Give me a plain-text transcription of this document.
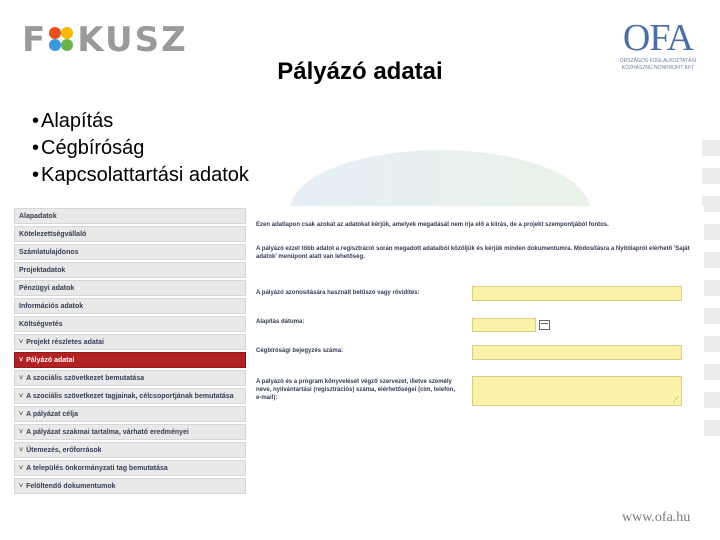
F KUSZ	OFA
ORSZÁGOS FOGLALKOZTATÁSI
KÖZHASZNÚ NONPROFIT KFT
Pályázó adatai
• Alapítás
• Cégbíróság
• Kapcsolattartási adatok
Alapadatok
Kötelezettségvállaló
Számlatulajdonos
Projektadatok
Pénzügyi adatok
Információs adatok
Költségvetés
˅ Projekt részletes adatai
˅ Pályázó adatai
˅ A szociális szövetkezet bemutatása
˅ A szociális szövetkezet tagjainak, célcsoportjának bemutatása
˅ A pályázat célja
˅ A pályázat szakmai tartalma, várható eredményei
˅ Ütemezés, erőforrások
˅ A település önkormányzati tag bemutatása
˅ Felöltendő dokumentumok
Ezen adatlapon csak azokat az adatokat kérjük, amelyek megadását nem írja elő a kiírás, de a projekt szempontjából fontos.
A pályázó ezzel több adatot a regisztráció során megadott adataiból közöljük és kérjük minden dokumentumra. Módosításra a Nyitólapról elérhető 'Saját adatok' menüpont alatt van lehetőség.
A pályázó azonosítására használt betűszó vagy rövidítés:
Alapítás dátuma:
Cégbírósági bejegyzés száma:
A pályázó és a program könyvelését végző szervezet, illetve személy neve, nyilvántartási (regisztrációs) száma, elérhetőségei (cím, telefon, e-mail):	⋰
www.ofa.hu
